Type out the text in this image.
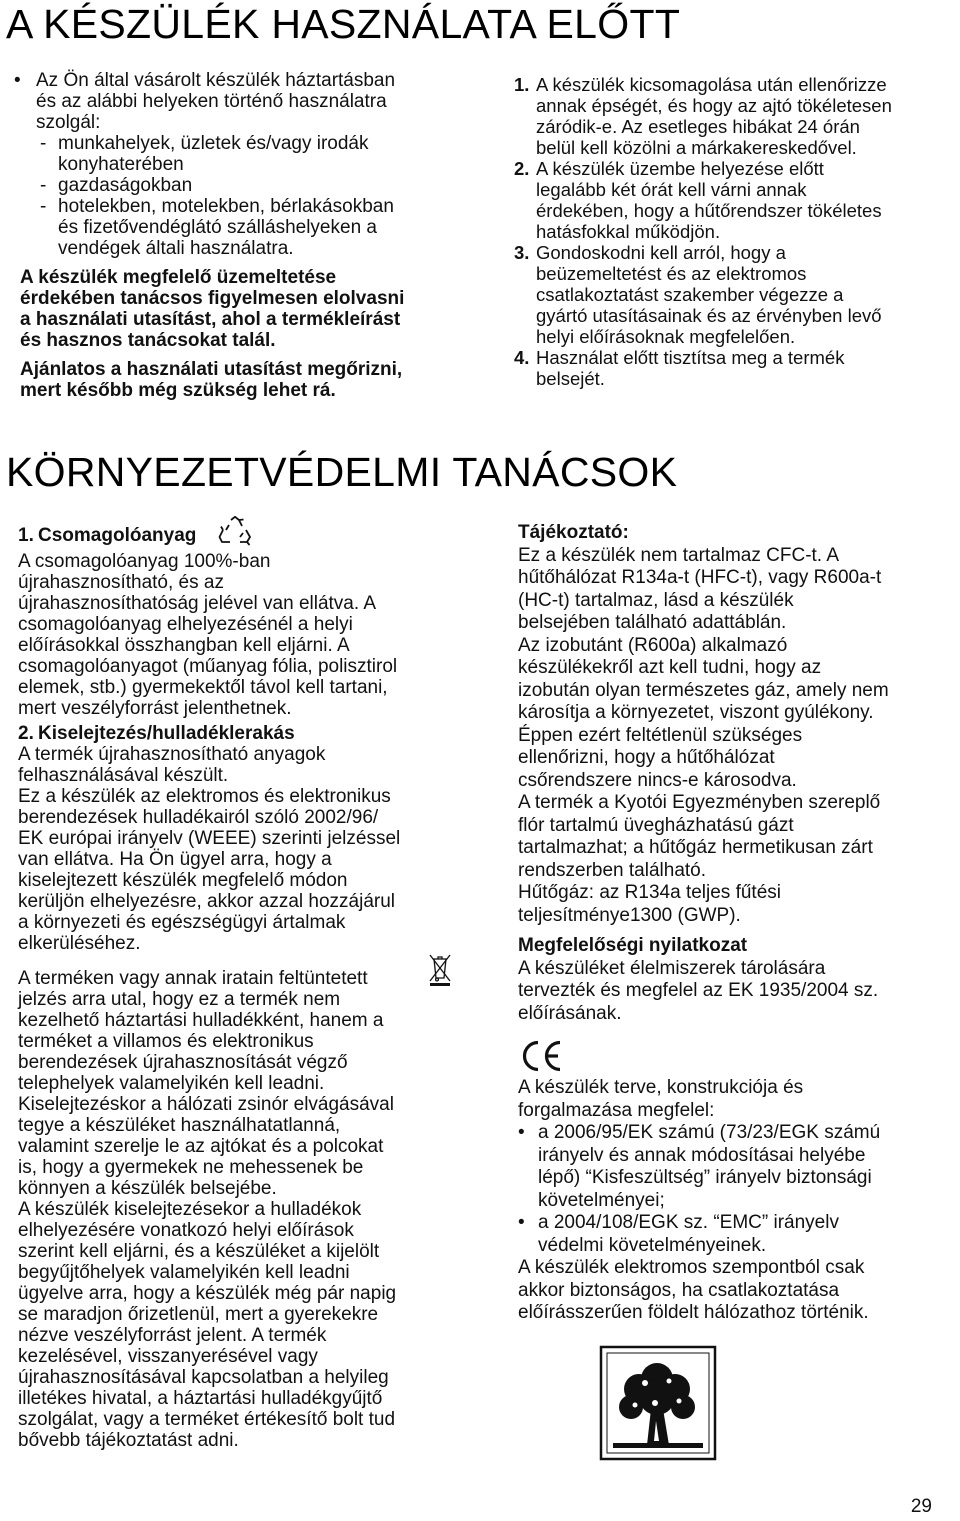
A KÉSZÜLÉK HASZNÁLATA ELŐTT
• Az Ön által vásárolt készülék háztartásban

és az alábbi helyeken történő használatra

szolgál:

- munkahelyek, üzletek és/vagy irodák

konyhaterében

- gazdaságokban

- hotelekben, motelekben, bérlakásokban

és fizetővendéglátó szálláshelyeken a

vendégek általi használatra.

A készülék megfelelő üzemeltetése

érdekében tanácsos figyelmesen elolvasni

a használati utasítást, ahol a termékleírást

és hasznos tanácsokat talál.

Ajánlatos a használati utasítást megőrizni,

mert később még szükség lehet rá.

1. A készülék kicsomagolása után ellenőrizze

annak épségét, és hogy az ajtó tökéletesen

záródik-e. Az esetleges hibákat 24 órán

belül kell közölni a márkakereskedővel.

2. A készülék üzembe helyezése előtt

legalább két órát kell várni annak

érdekében, hogy a hűtőrendszer tökéletes

hatásfokkal működjön.

3. Gondoskodni kell arról, hogy a

beüzemeltetést és az elektromos

csatlakoztatást szakember végezze a

gyártó utasításainak és az érvényben levő

helyi előírásoknak megfelelően.

4. Használat előtt tisztítsa meg a termék

belsejét.

KÖRNYEZETVÉDELMI TANÁCSOK
1. Csomagolóanyag

A csomagolóanyag 100%-ban

újrahasznosítható, és az

újrahasznosíthatóság jelével van ellátva. A

csomagolóanyag elhelyezésénél a helyi

előírásokkal összhangban kell eljárni. A

csomagolóanyagot (műanyag fólia, polisztirol

elemek, stb.) gyermekektől távol kell tartani,

mert veszélyforrást jelenthetnek.

2. Kiselejtezés/hulladéklerakás

A termék újrahasznosítható anyagok

felhasználásával készült.

Ez a készülék az elektromos és elektronikus

berendezések hulladékairól szóló 2002/96/

EK európai irányelv (WEEE) szerinti jelzéssel

van ellátva. Ha Ön ügyel arra, hogy a

kiselejtezett készülék megfelelő módon

kerüljön elhelyezésre, akkor azzal hozzájárul

a környezeti és egészségügyi ártalmak

elkerüléséhez.

A terméken vagy annak iratain feltüntetett

jelzés arra utal, hogy ez a termék nem

kezelhető háztartási hulladékként, hanem a

terméket a villamos és elektronikus

berendezések újrahasznosítását végző

telephelyek valamelyikén kell leadni.

Kiselejtezéskor a hálózati zsinór elvágásával

tegye a készüléket használhatatlanná,

valamint szerelje le az ajtókat és a polcokat

is, hogy a gyermekek ne mehessenek be

könnyen a készülék belsejébe.

A készülék kiselejtezésekor a hulladékok

elhelyezésére vonatkozó helyi előírások

szerint kell eljárni, és a készüléket a kijelölt

begyűjtőhelyek valamelyikén kell leadni

ügyelve arra, hogy a készülék még pár napig

se maradjon őrizetlenül, mert a gyerekekre

nézve veszélyforrást jelent. A termék

kezelésével, visszanyerésével vagy

újrahasznosításával kapcsolatban a helyileg

illetékes hivatal, a háztartási hulladékgyűjtő

szolgálat, vagy a terméket értékesítő bolt tud

bővebb tájékoztatást adni.

Tájékoztató:

Ez a készülék nem tartalmaz CFC-t. A

hűtőhálózat R134a-t (HFC-t), vagy R600a-t

(HC-t) tartalmaz, lásd a készülék

belsejében található adattáblán.

Az izobutánt (R600a) alkalmazó

készülékekről azt kell tudni, hogy az

izobután olyan természetes gáz, amely nem

károsítja a környezetet, viszont gyúlékony.

Éppen ezért feltétlenül szükséges

ellenőrizni, hogy a hűtőhálózat

csőrendszere nincs-e károsodva.

A termék a Kyotói Egyezményben szereplő

flór tartalmú üvegházhatású gázt

tartalmazhat; a hűtőgáz hermetikusan zárt

rendszerben található.

Hűtőgáz: az R134a teljes fűtési

teljesítménye1300 (GWP).

Megfelelőségi nyilatkozat

A készüléket élelmiszerek tárolására

tervezték és megfelel az EK 1935/2004 sz.

előírásának.

A készülék terve, konstrukciója és

forgalmazása megfelel:

• a 2006/95/EK számú (73/23/EGK számú

irányelv és annak módosításai helyébe

lépő) “Kisfeszültség” irányelv biztonsági

követelményei;

• a 2004/108/EGK sz. “EMC” irányelv

védelmi követelményeinek.

A készülék elektromos szempontból csak

akkor biztonságos, ha csatlakoztatása

előírásszerűen földelt hálózathoz történik.

29
